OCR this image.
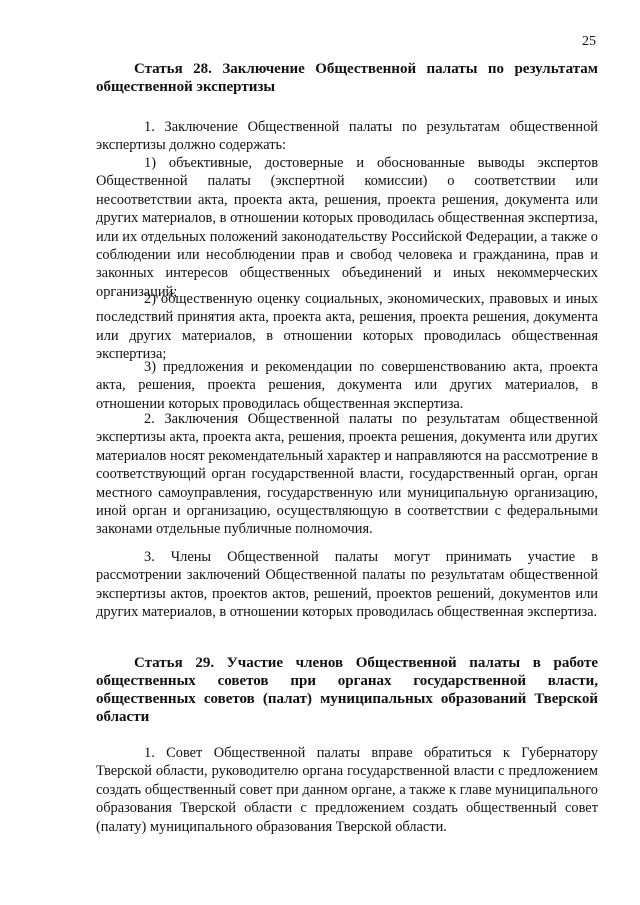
25

Статья 28. Заключение Общественной палаты по результатам общественной экспертизы

1. Заключение Общественной палаты по результатам общественной экспертизы должно содержать:

1) объективные, достоверные и обоснованные выводы экспертов Общественной палаты (экспертной комиссии) о соответствии или несоответствии акта, проекта акта, решения, проекта решения, документа или других материалов, в отношении которых проводилась общественная экспертиза, или их отдельных положений законодательству Российской Федерации, а также о соблюдении или несоблюдении прав и свобод человека и гражданина, прав и законных интересов общественных объединений и иных некоммерческих организаций;

2) общественную оценку социальных, экономических, правовых и иных последствий принятия акта, проекта акта, решения, проекта решения, документа или других материалов, в отношении которых проводилась общественная экспертиза;

3) предложения и рекомендации по совершенствованию акта, проекта акта, решения, проекта решения, документа или других материалов, в отношении которых проводилась общественная экспертиза.

2. Заключения Общественной палаты по результатам общественной экспертизы акта, проекта акта, решения, проекта решения, документа или других материалов носят рекомендательный характер и направляются на рассмотрение в соответствующий орган государственной власти, государственный орган, орган местного самоуправления, государственную или муниципальную организацию, иной орган и организацию, осуществляющую в соответствии с федеральными законами отдельные публичные полномочия.

3. Члены Общественной палаты могут принимать участие в рассмотрении заключений Общественной палаты по результатам общественной экспертизы актов, проектов актов, решений, проектов решений, документов или других материалов, в отношении которых проводилась общественная экспертиза.

Статья 29. Участие членов Общественной палаты в работе общественных советов при органах государственной власти, общественных советов (палат) муниципальных образований Тверской области

1. Совет Общественной палаты вправе обратиться к Губернатору Тверской области, руководителю органа государственной власти с предложением создать общественный совет при данном органе, а также к главе муниципального образования Тверской области с предложением создать общественный совет (палату) муниципального образования Тверской области.
